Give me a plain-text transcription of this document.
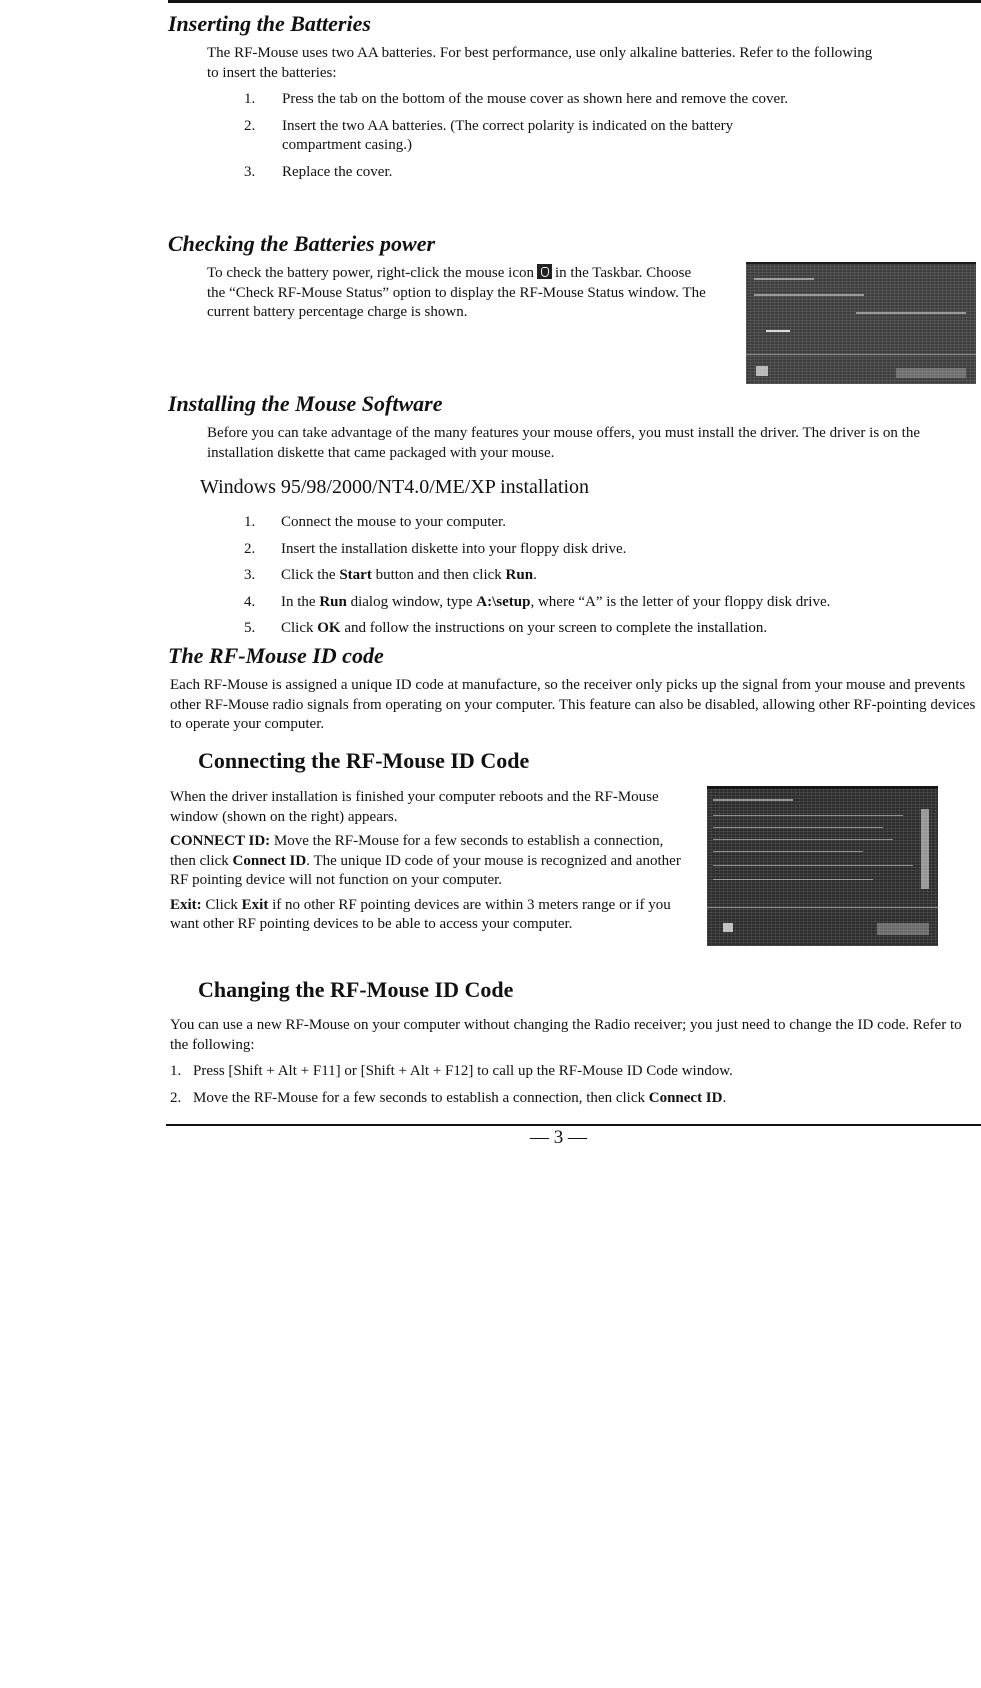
Inserting the Batteries

The RF-Mouse uses two AA batteries. For best performance, use only alkaline batteries. Refer to the following to insert the batteries:

1.	Press the tab on the bottom of the mouse cover as shown here and remove the cover.
2.	Insert the two AA batteries. (The correct polarity is indicated on the battery compartment casing.)
3.	Replace the cover.
Checking the Batteries power

To check the battery power, right-click the mouse icon in the Taskbar. Choose the “Check RF-Mouse Status” option to display the RF-Mouse Status window. The current battery percentage charge is shown.

Installing the Mouse Software

Before you can take advantage of the many features your mouse offers, you must install the driver. The driver is on the installation diskette that came packaged with your mouse.

Windows 95/98/2000/NT4.0/ME/XP installation
1.	Connect the mouse to your computer.
2.	Insert the installation diskette into your floppy disk drive.
3.	Click the Start button and then click Run.
4.	In the Run dialog window, type A:\setup, where “A” is the letter of your floppy disk drive.
5.	Click OK and follow the instructions on your screen to complete the installation.
The RF-Mouse ID code

Each RF-Mouse is assigned a unique ID code at manufacture, so the receiver only picks up the signal from your mouse and prevents other RF-Mouse radio signals from operating on your computer. This feature can also be disabled, allowing other RF-pointing devices to operate your computer.

Connecting the RF-Mouse ID Code

When the driver installation is finished your computer reboots and the RF-Mouse window (shown on the right) appears.

CONNECT ID: Move the RF-Mouse for a few seconds to establish a connection, then click Connect ID. The unique ID code of your mouse is recognized and another RF pointing device will not function on your computer.

Exit: Click Exit if no other RF pointing devices are within 3 meters range or if you want other RF pointing devices to be able to access your computer.

Changing the RF-Mouse ID Code

You can use a new RF-Mouse on your computer without changing the Radio receiver; you just need to change the ID code. Refer to the following:

1. Press [Shift + Alt + F11] or [Shift + Alt + F12] to call up the RF-Mouse ID Code window.
2. Move the RF-Mouse for a few seconds to establish a connection, then click Connect ID.
— 3 —
